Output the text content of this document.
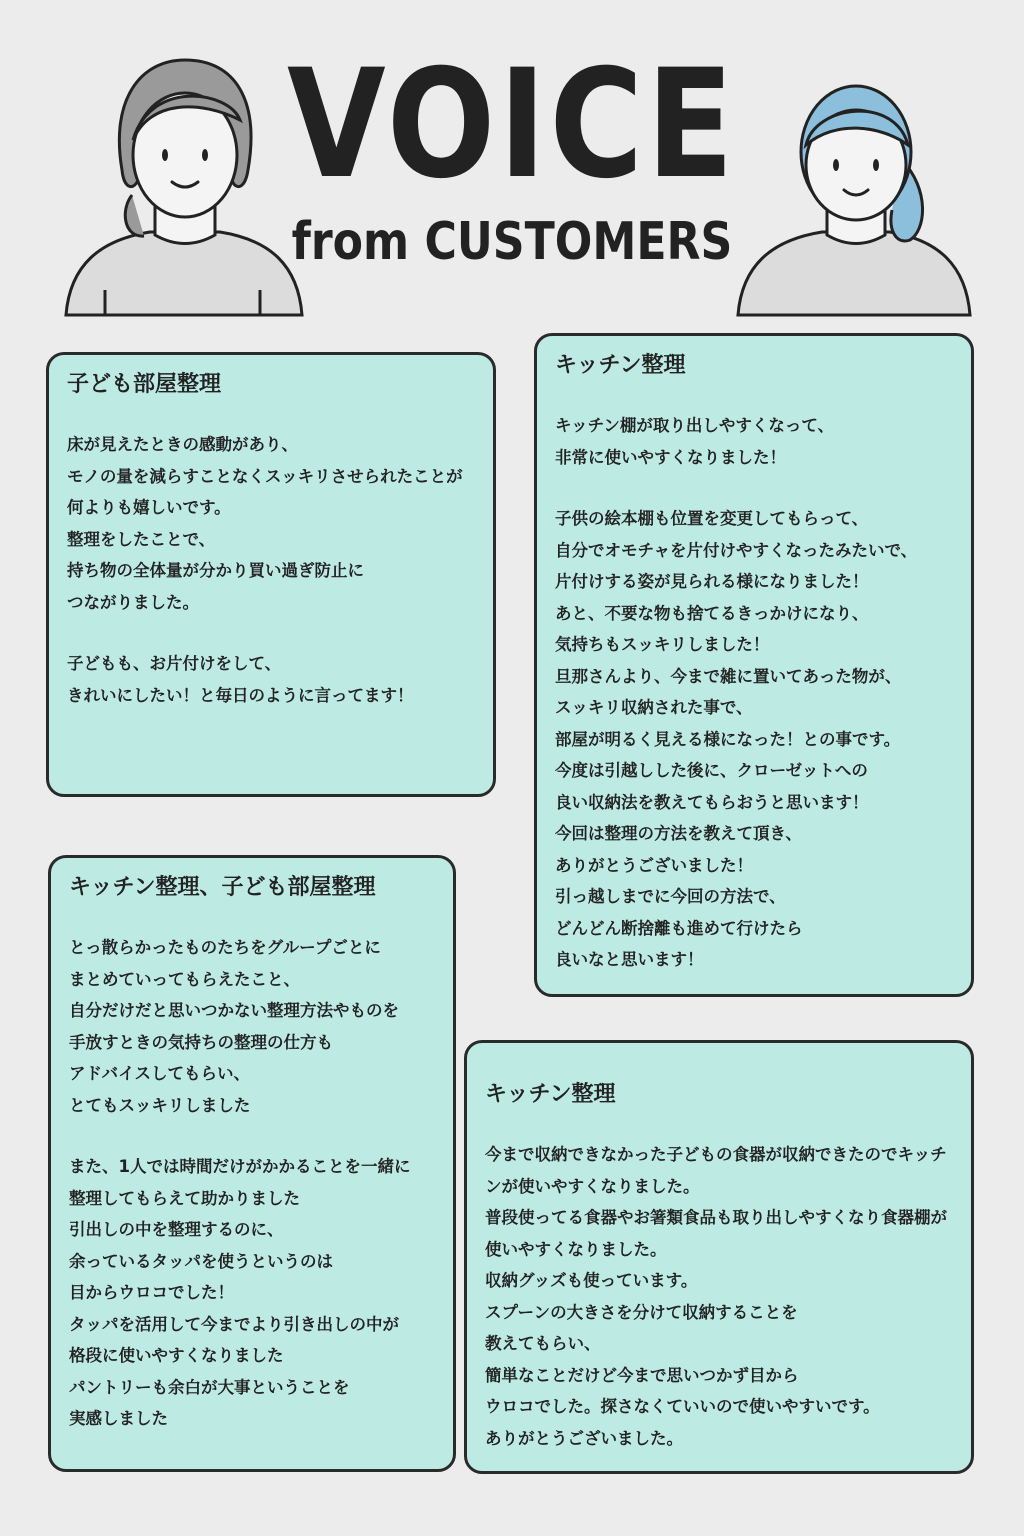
VOICE
from CUSTOMERS
子ども部屋整理

床が見えたときの感動があり、
モノの量を減らすことなくスッキリさせられたことが何よりも嬉しいです。
整理をしたことで、
持ち物の全体量が分かり買い過ぎ防止に
つながりました。

子どもも、お片付けをして、
きれいにしたい！と毎日のように言ってます！

キッチン整理

キッチン棚が取り出しやすくなって、
非常に使いやすくなりました！

子供の絵本棚も位置を変更してもらって、
自分でオモチャを片付けやすくなったみたいで、
片付けする姿が見られる様になりました！
あと、不要な物も捨てるきっかけになり、
気持ちもスッキリしました！
旦那さんより、今まで雑に置いてあった物が、
スッキリ収納された事で、
部屋が明るく見える様になった！との事です。
今度は引越しした後に、クローゼットへの
良い収納法を教えてもらおうと思います！
今回は整理の方法を教えて頂き、
ありがとうございました！
引っ越しまでに今回の方法で、
どんどん断捨離も進めて行けたら
良いなと思います！

キッチン整理、子ども部屋整理

とっ散らかったものたちをグループごとに
まとめていってもらえたこと、
自分だけだと思いつかない整理方法やものを
手放すときの気持ちの整理の仕方も
アドバイスしてもらい、
とてもスッキリしました

また、1人では時間だけがかかることを一緒に
整理してもらえて助かりました
引出しの中を整理するのに、
余っているタッパを使うというのは
目からウロコでした！
タッパを活用して今までより引き出しの中が
格段に使いやすくなりました
パントリーも余白が大事ということを
実感しました

キッチン整理

今まで収納できなかった子どもの食器が収納できたのでキッチンが使いやすくなりました。
普段使ってる食器やお箸類食品も取り出しやすくなり食器棚が使いやすくなりました。
収納グッズも使っています。
スプーンの大きさを分けて収納することを
教えてもらい、
簡単なことだけど今まで思いつかず目から
ウロコでした。探さなくていいので使いやすいです。
ありがとうございました。
